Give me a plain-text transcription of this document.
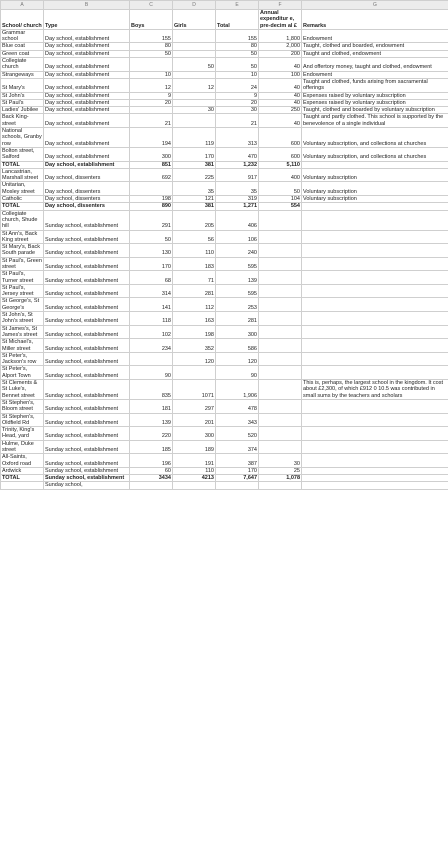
A	B	C	D	E	F	G
School/ church	Type	Boys	Girls	Total	Annual expenditur e, pre-decim al £	Remarks
Grammar school	Day school, establishment	155		155	1,800	Endowment
Blue coat	Day school, establishment	80		80	2,000	Taught, clothed and boarded, endowment
Green coat	Day school, establishment	50		50	200	Taught and clothed, endowment
Collegiate church	Day school, establishment		50	50	40	And offertory money, taught and clothed, endowment
Strangeways	Day school, establishment	10		10	100	Endowment
St Mary's	Day school, establishment	12	12	24	40	Taught and clothed, funds arising from sacramental offerings
St John's	Day school, establishment	9		9	40	Expenses raised by voluntary subscription
St Paul's	Day school, establishment	20		20	40	Expenses raised by voluntary subscription
Ladies' Jubilee	Day school, establishment		30	30	250	Taught, clothed and boarded by voluntary subscription
Back King-street	Day school, establishment	21		21	40	Taught and partly clothed. This school is supported by the benevolence of a single individual
National schools, Granby row	Day school, establishment	194	119	313	600	Voluntary subscription, and collections at churches
Bolton street, Salford	Day school, establishment	300	170	470	600	Voluntary subscription, and collections at churches
TOTAL	Day school, establishment	851	381	1,232	5,110	
Lancastrian, Marshall street	Day school, dissenters	692	225	917	400	Voluntary subscription
Unitarian, Mosley street	Day school, dissenters		35	35	50	Voluntary subscription
Catholic	Day school, dissenters	198	121	319	104	Voluntary subscription
TOTAL	Day school, dissenters	890	381	1,271	554	
Collegiate church, Shude hill	Sunday school, establishment	291	205	406		
St Ann's, Back King street	Sunday school, establishment	50	56	106		
St Mary's, Back South parade	Sunday school, establishment	130	110	240		
St Paul's, Green street	Sunday school, establishment	170	183	595		
St Paul's, Turner street	Sunday school, establishment	68	71	139		
St Paul's, Jersey street	Sunday school, establishment	314	281	595		
St George's, St George's	Sunday school, establishment	141	112	253		
St John's, St John's street	Sunday school, establishment	118	163	281		
St James's, St James's street	Sunday school, establishment	102	198	300		
St Michael's, Miller street	Sunday school, establishment	234	352	586		
St Peter's, Jackson's row	Sunday school, establishment		120	120		
St Peter's, Alport Town	Sunday school, establishment	90		90		
St Clements & St Luke's, Bennet street	Sunday school, establishment	835	1071	1,906		This is, perhaps, the largest school in the kingdom. It cost about £2,300, of which £912 0 10.5 was contributed in small sums by the teachers and scholars
St Stephen's, Bloom street	Sunday school, establishment	181	297	478		
St Stephen's, Oldfield Rd	Sunday school, establishment	139	201	343		
Trinity, King's Head, yard	Sunday school, establishment	220	300	520		
Hulme, Duke street	Sunday school, establishment	185	189	374		
All-Saints, Oxford road	Sunday school, establishment	196	191	387	30	
Ardwick	Sunday school, establishment	60	110	170	25	
TOTAL	Sunday school, establishment	3434	4213	7,647	1,078	
	Sunday school,					
